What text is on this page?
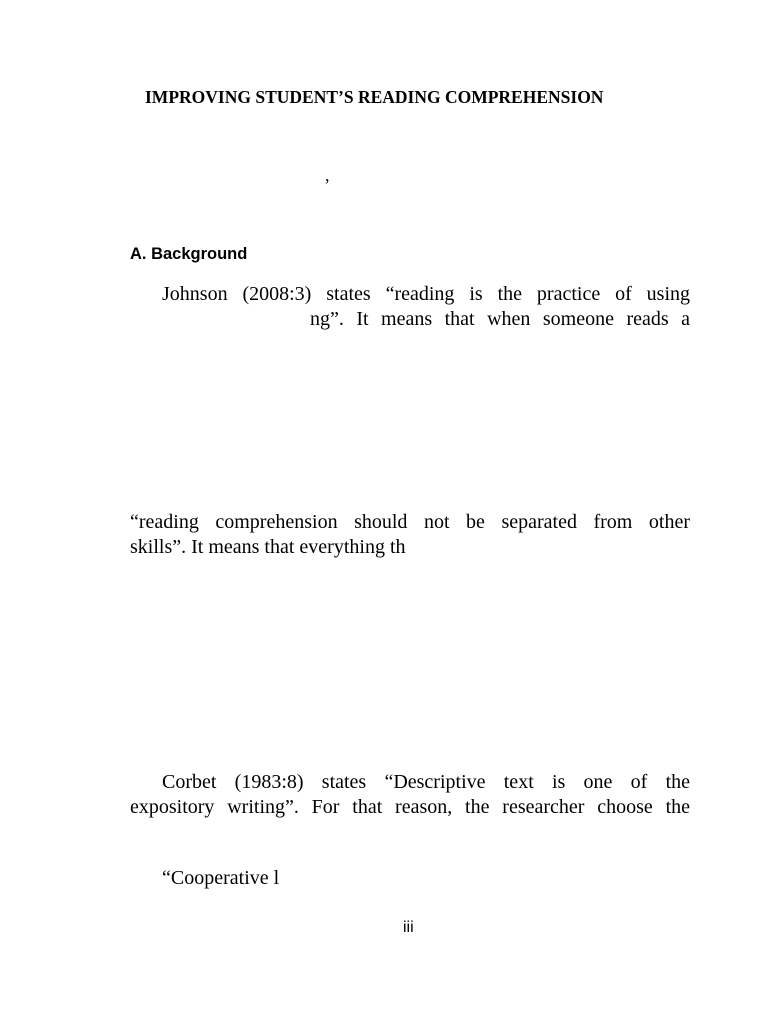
IMPROVING STUDENT’S READING COMPREHENSION
,
A. Background
Johnson (2008:3) states “reading is the practice of using
ng”. It means that when someone reads a
“reading comprehension should not be separated from other
skills”. It means that everything th
Corbet (1983:8) states “Descriptive text is one of the
expository writing”. For that reason, the researcher choose the
“Cooperative l
iii
